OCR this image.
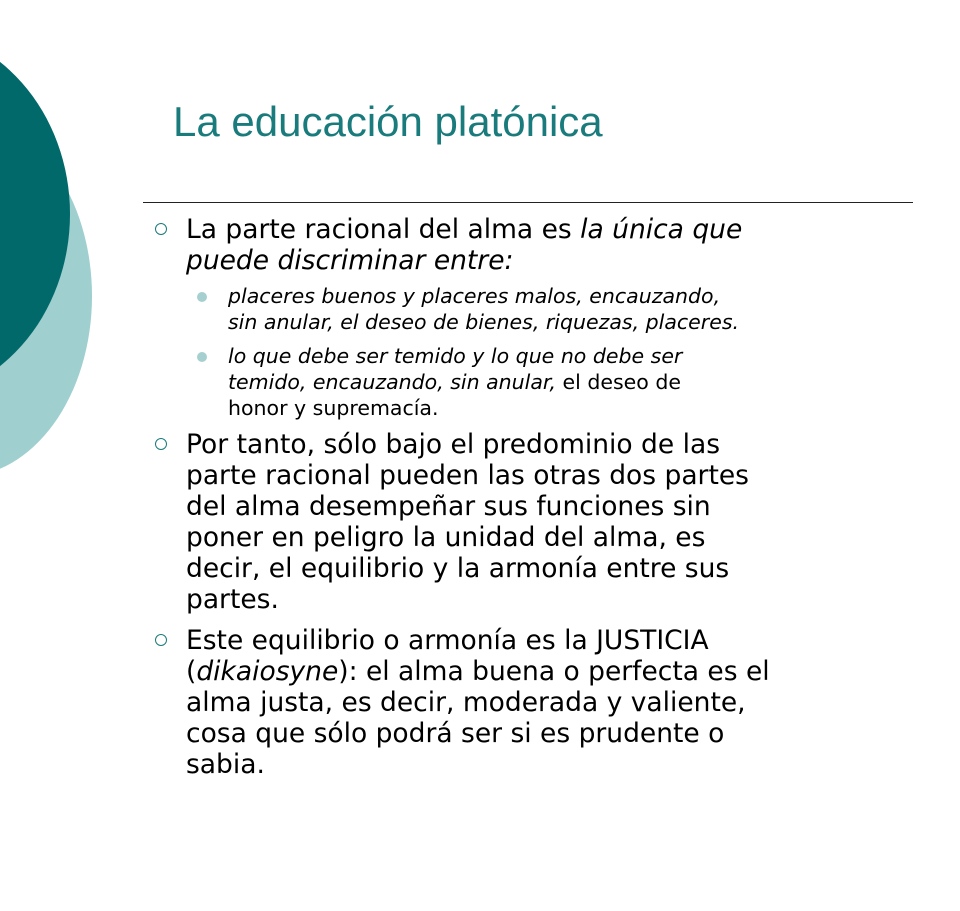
La educación platónica
La parte racional del alma es la única que
puede discriminar entre:
placeres buenos y placeres malos, encauzando,
sin anular, el deseo de bienes, riquezas, placeres.
lo que debe ser temido y lo que no debe ser
temido, encauzando, sin anular, el deseo de
honor y supremacía.
Por tanto, sólo bajo el predominio de las
parte racional pueden las otras dos partes
del alma desempeñar sus funciones sin
poner en peligro la unidad del alma, es
decir, el equilibrio y la armonía entre sus
partes.
Este equilibrio o armonía es la JUSTICIA
(dikaiosyne): el alma buena o perfecta es el
alma justa, es decir, moderada y valiente,
cosa que sólo podrá ser si es prudente o
sabia.
